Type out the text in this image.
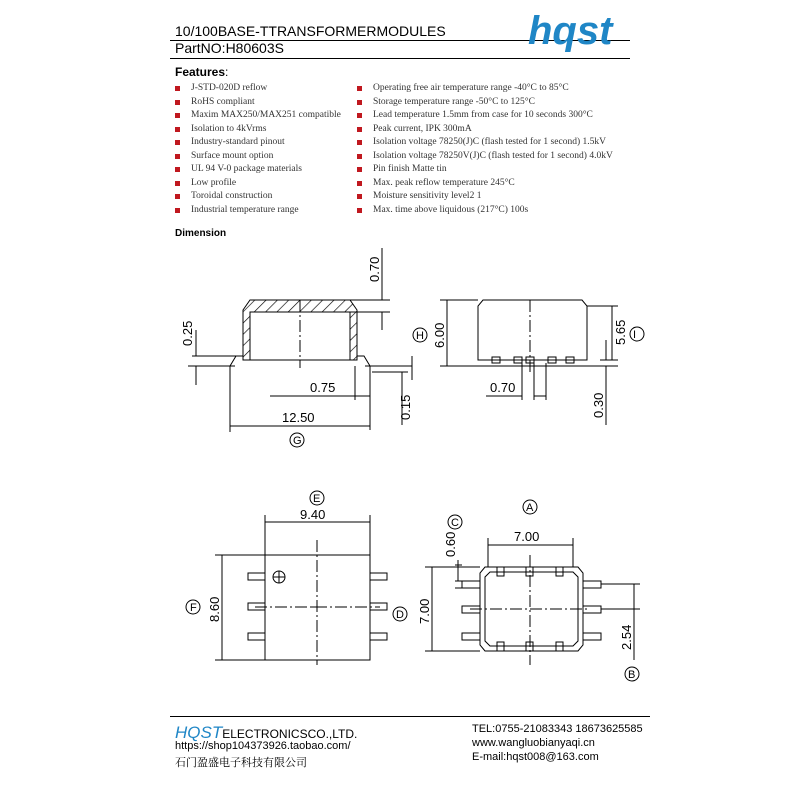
10/100BASE-TTRANSFORMERMODULES
PartNO:H80603S	hqst
Features:
J-STD-020D reflow
RoHS compliant
Maxim MAX250/MAX251 compatible
Isolation to 4kVrms
Industry-standard pinout
Surface mount option
UL 94 V-0 package materials
Low profile
Toroidal construction
Industrial temperature range
Operating free air temperature range -40°C to 85°C
Storage temperature range -50°C to 125°C
Lead temperature 1.5mm from case for 10 seconds 300°C
Peak current, IPK 300mA
Isolation voltage 78250(J)C (flash tested for 1 second) 1.5kV
Isolation voltage 78250V(J)C (flash tested for 1 second) 4.0kV
Pin finish Matte tin
Max. peak reflow temperature 245°C
Moisture sensitivity level2 1
Max. time above liquidous (217°C) 100s
Dimension
0.70
0.25
0.75
0.15
12.50
G
H 6.00	5.65 I
0.70
0.30
9.40
E
8.60
F
7.00
A
0.60
C
7.00
D
2.54
B
HQSTELECTRONICSCO.,LTD.
https://shop104373926.taobao.com/
石门盈盛电子科技有限公司
TEL:0755-21083343 18673625585
www.wangluobianyaqi.cn
E-mail:hqst008@163.com
